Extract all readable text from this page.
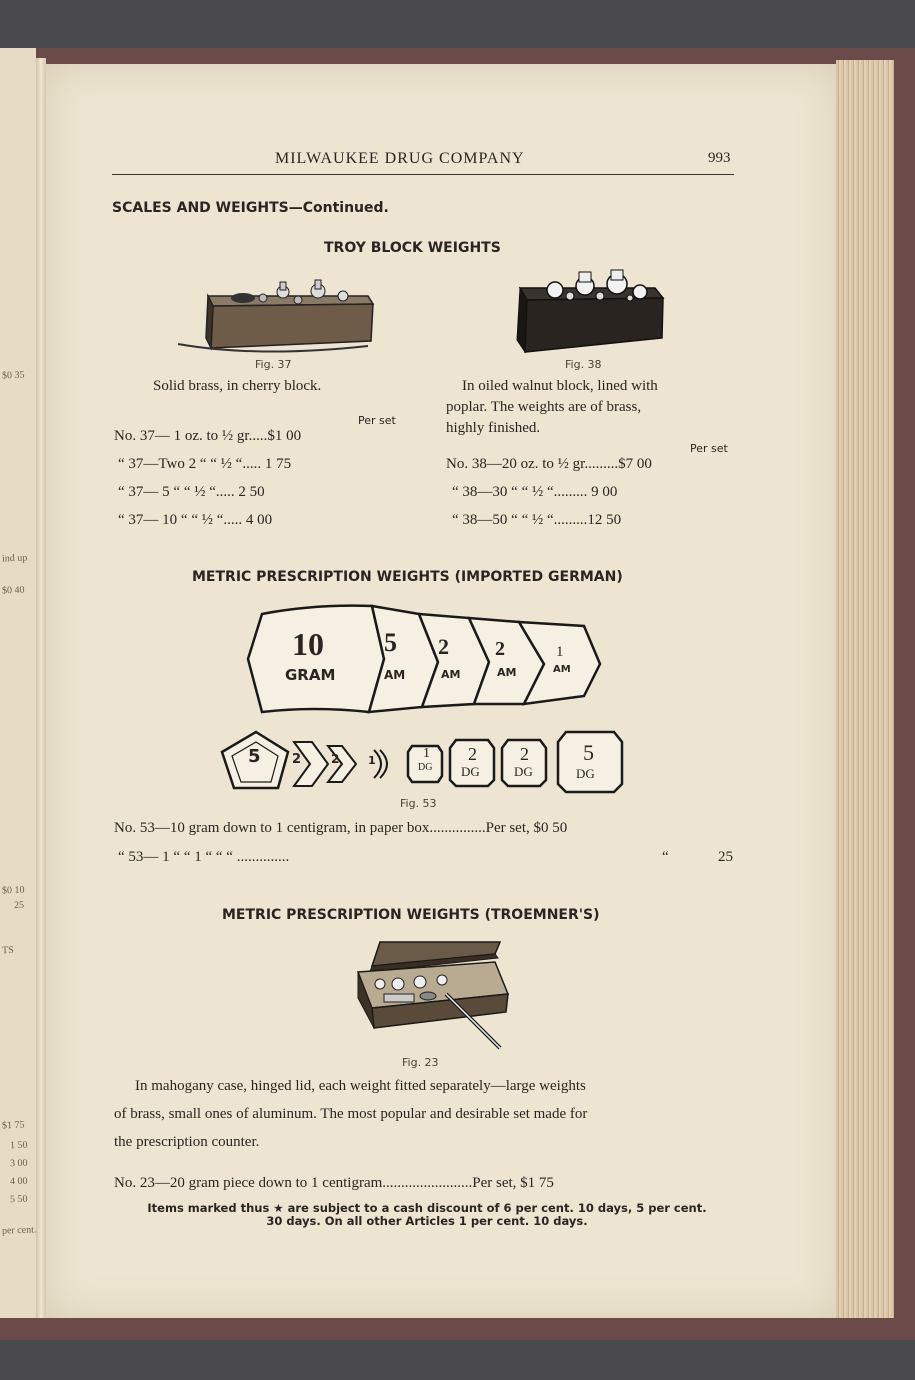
$0 35
ind up
$0 40
$0 10
25
TS
$1 75
1 50
3 00
4 00
5 50
per cent.
MILWAUKEE DRUG COMPANY	993
SCALES AND WEIGHTS—Continued.
TROY BLOCK WEIGHTS
Fig. 37	Fig. 38
Solid brass, in cherry block.
Per set
No. 37— 1 oz. to ½ gr.....$1 00
“ 37—Two 2 “ “ ½ “..... 1 75
“ 37— 5 “ “ ½ “..... 2 50
“ 37— 10 “ “ ½ “..... 4 00
In oiled walnut block, lined with
poplar. The weights are of brass,
highly finished.
Per set
No. 38—20 oz. to ½ gr.........$7 00
“ 38—30 “ “ ½ “......... 9 00
“ 38—50 “ “ ½ “.........12 50
METRIC PRESCRIPTION WEIGHTS (IMPORTED GERMAN)
10
GRAM
5
AM
2
AM
2
AM
1
AM
5 2 2	1	1
DG
2
DG
2
DG
5
DG
Fig. 53
No. 53—10 gram down to 1 centigram, in paper box...............Per set, $0 50
“ 53— 1 “ “ 1 “ “ “ ..............	“	25
METRIC PRESCRIPTION WEIGHTS (TROEMNER'S)
Fig. 23
In mahogany case, hinged lid, each weight fitted separately—large weights
of brass, small ones of aluminum. The most popular and desirable set made for
the prescription counter.
No. 23—20 gram piece down to 1 centigram........................Per set, $1 75
Items marked thus ★ are subject to a cash discount of 6 per cent. 10 days, 5 per cent.
30 days. On all other Articles 1 per cent. 10 days.
